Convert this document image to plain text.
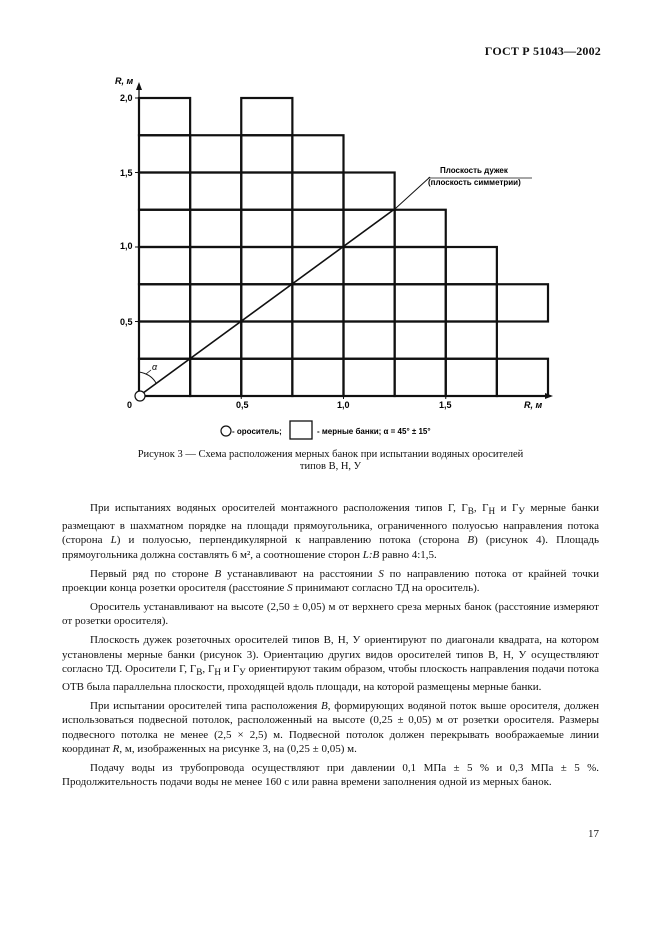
ГОСТ Р 51043—2002
R, м
R, м
2,0
1,5
1,0
0,5
0,5	1,0	1,5
0
α
Плоскость дужек
(плоскость симметрии)
- ороситель;	- мерные банки; α = 45° ± 15°
Рисунок 3 — Схема расположения мерных банок при испытании водяных оросителей
типов В, Н, У

При испытаниях водяных оросителей монтажного расположения типов Г, $Г_В$, $Г_Н$ и $Г_У$ мерные банки размещают в шахматном порядке на площади прямоугольника, ограниченного полуосью направления потока (сторона L) и полуосью, перпендикулярной к направлению потока (сторона B) (рисунок 4). Площадь прямоугольника должна составлять 6 м², а соотношение сторон L:B равно 4:1,5.

Первый ряд по стороне B устанавливают на расстоянии S по направлению потока от крайней точки проекции конца розетки оросителя (расстояние S принимают согласно ТД на ороситель).

Ороситель устанавливают на высоте (2,50 ± 0,05) м от верхнего среза мерных банок (расстояние измеряют от розетки оросителя).

Плоскость дужек розеточных оросителей типов В, Н, У ориентируют по диагонали квадрата, на котором установлены мерные банки (рисунок 3). Ориентацию других видов оросителей типов В, Н, У осуществляют согласно ТД. Оросители Г, $Г_В$, $Г_Н$ и $Г_У$ ориентируют таким образом, чтобы плоскость направления подачи потока ОТВ была параллельна плоскости, проходящей вдоль площади, на которой размещены мерные банки.

При испытании оросителей типа расположения В, формирующих водяной поток выше оросителя, должен использоваться подвесной потолок, расположенный на высоте (0,25 ± 0,05) м от розетки оросителя. Размеры подвесного потолка не менее (2,5 × 2,5) м. Подвесной потолок должен перекрывать воображаемые линии координат R, м, изображенных на рисунке 3, на (0,25 ± 0,05) м.

Подачу воды из трубопровода осуществляют при давлении 0,1 МПа ± 5 % и 0,3 МПа ± 5 %. Продолжительность подачи воды не менее 160 с или равна времени заполнения одной из мерных банок.

17
